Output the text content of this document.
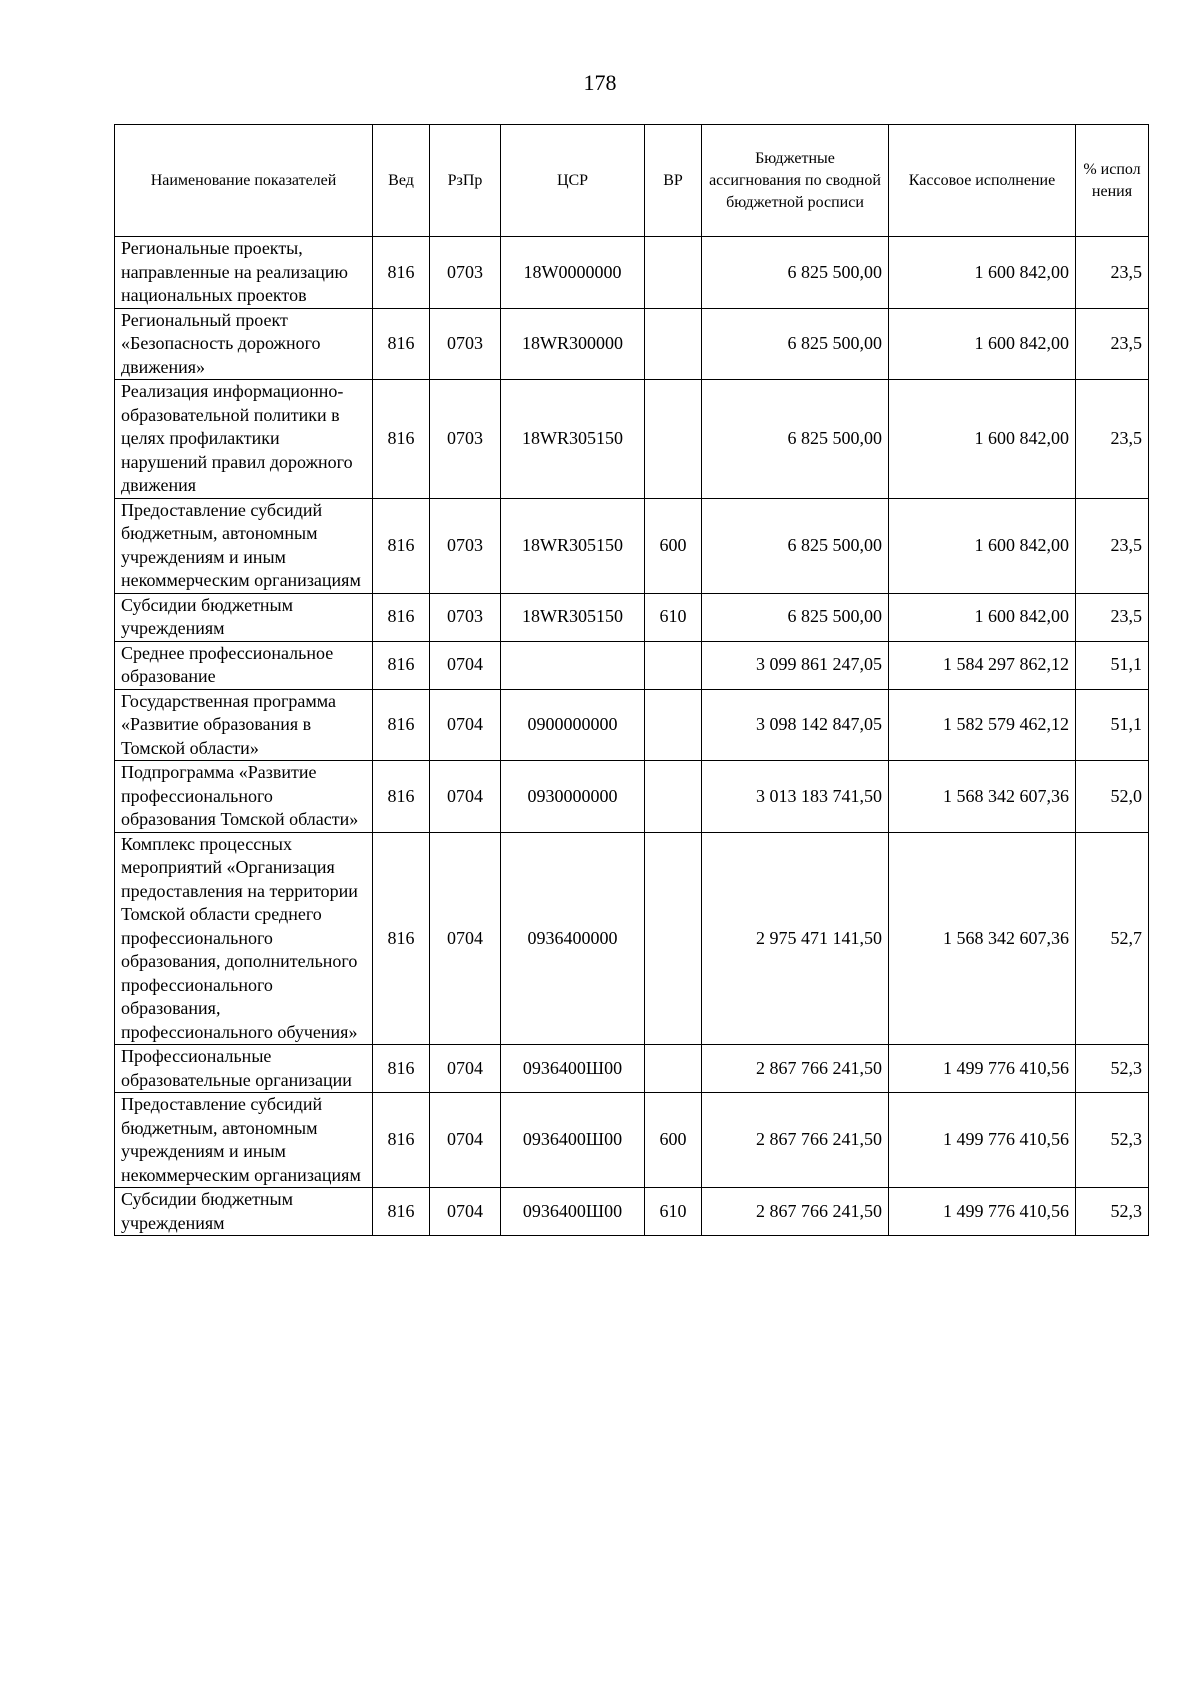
178
Наименование показателей	Вед	РзПр	ЦСР	ВР	Бюджетные ассигнования по сводной бюджетной росписи	Кассовое исполнение	% испол нения
Региональные проекты, направленные на реализацию национальных проектов	816	0703	18W0000000		6 825 500,00	1 600 842,00	23,5
Региональный проект «Безопасность дорожного движения»	816	0703	18WR300000		6 825 500,00	1 600 842,00	23,5
Реализация информационно-образовательной политики в целях профилактики нарушений правил дорожного движения	816	0703	18WR305150		6 825 500,00	1 600 842,00	23,5
Предоставление субсидий бюджетным, автономным учреждениям и иным некоммерческим организациям	816	0703	18WR305150	600	6 825 500,00	1 600 842,00	23,5
Субсидии бюджетным учреждениям	816	0703	18WR305150	610	6 825 500,00	1 600 842,00	23,5
Среднее профессиональное образование	816	0704			3 099 861 247,05	1 584 297 862,12	51,1
Государственная программа «Развитие образования в Томской области»	816	0704	0900000000		3 098 142 847,05	1 582 579 462,12	51,1
Подпрограмма «Развитие профессионального образования Томской области»	816	0704	0930000000		3 013 183 741,50	1 568 342 607,36	52,0
Комплекс процессных мероприятий «Организация предоставления на территории Томской области среднего профессионального образования, дополнительного профессионального образования, профессионального обучения»	816	0704	0936400000		2 975 471 141,50	1 568 342 607,36	52,7
Профессиональные образовательные организации	816	0704	0936400Ш00		2 867 766 241,50	1 499 776 410,56	52,3
Предоставление субсидий бюджетным, автономным учреждениям и иным некоммерческим организациям	816	0704	0936400Ш00	600	2 867 766 241,50	1 499 776 410,56	52,3
Субсидии бюджетным учреждениям	816	0704	0936400Ш00	610	2 867 766 241,50	1 499 776 410,56	52,3
